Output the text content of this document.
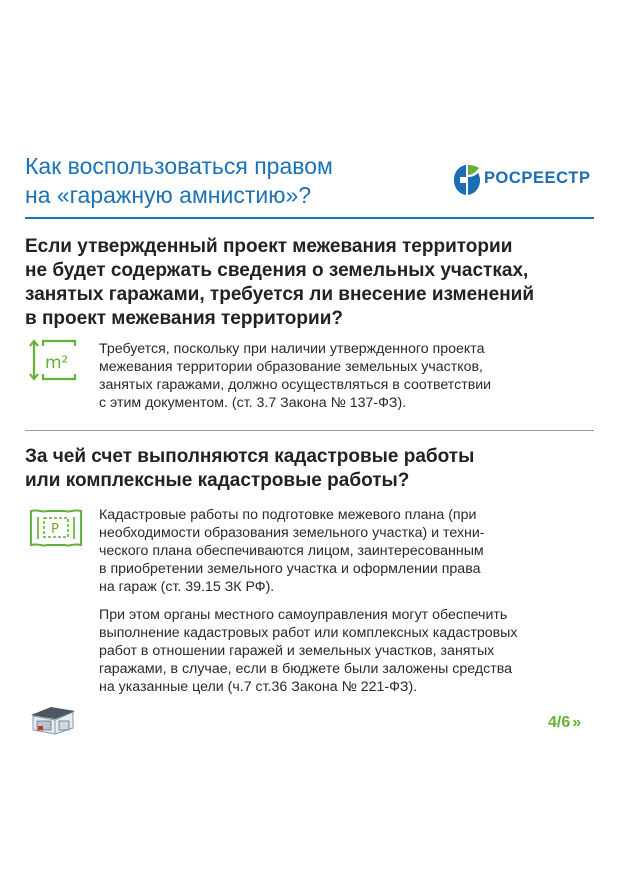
Как воспользоваться правом
на «гаражную амнистию»?
РОСРЕЕСТР
Если утвержденный проект межевания территории
не будет содержать сведения о земельных участках,
занятых гаражами, требуется ли внесение изменений
в проект межевания территории?
m²
Требуется, поскольку при наличии утвержденного проекта
межевания территории образование земельных участков,
занятых гаражами, должно осуществляться в соответствии
с этим документом. (ст. 3.7 Закона № 137-ФЗ).
За чей счет выполняются кадастровые работы
или комплексные кадастровые работы?
P
Кадастровые работы по подготовке межевого плана (при
необходимости образования земельного участка) и техни-
ческого плана обеспечиваются лицом, заинтересованным
в приобретении земельного участка и оформлении права
на гараж (ст. 39.15 ЗК РФ).
При этом органы местного самоуправления могут обеспечить
выполнение кадастровых работ или комплексных кадастровых
работ в отношении гаражей и земельных участков, занятых
гаражами, в случае, если в бюджете были заложены средства
на указанные цели (ч.7 ст.36 Закона № 221-ФЗ).
4/6 »
